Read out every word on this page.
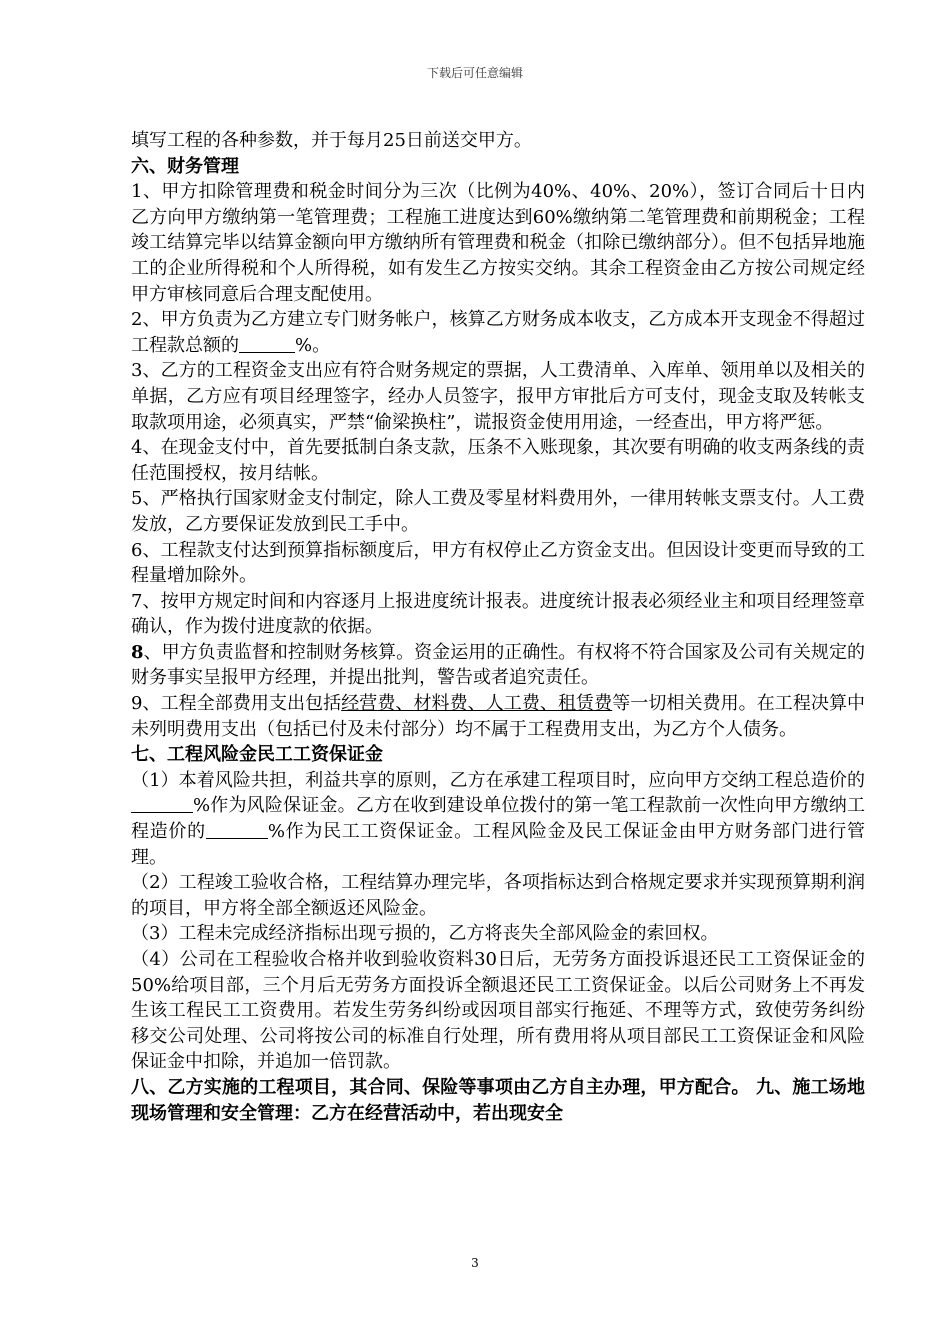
下载后可任意编辑

填写工程的各种参数，并于每月25日前送交甲方。

六、财务管理

1、甲方扣除管理费和税金时间分为三次（比例为40%、40%、20%），签订合同后十日内乙方向甲方缴纳第一笔管理费；工程施工进度达到60%缴纳第二笔管理费和前期税金；工程竣工结算完毕以结算金额向甲方缴纳所有管理费和税金（扣除已缴纳部分）。但不包括异地施工的企业所得税和个人所得税，如有发生乙方按实交纳。其余工程资金由乙方按公司规定经甲方审核同意后合理支配使用。

2、甲方负责为乙方建立专门财务帐户，核算乙方财务成本收支，乙方成本开支现金不得超过工程款总额的	%。

3、乙方的工程资金支出应有符合财务规定的票据，人工费清单、入库单、领用单以及相关的单据，乙方应有项目经理签字，经办人员签字，报甲方审批后方可支付，现金支取及转帐支取款项用途，必须真实，严禁“偷梁换柱”，谎报资金使用用途，一经查出，甲方将严惩。

4、在现金支付中，首先要抵制白条支款，压条不入账现象，其次要有明确的收支两条线的责任范围授权，按月结帐。

5、严格执行国家财金支付制定，除人工费及零星材料费用外，一律用转帐支票支付。人工费发放，乙方要保证发放到民工手中。

6、工程款支付达到预算指标额度后，甲方有权停止乙方资金支出。但因设计变更而导致的工程量增加除外。

7、按甲方规定时间和内容逐月上报进度统计报表。进度统计报表必须经业主和项目经理签章确认，作为拨付进度款的依据。

8、甲方负责监督和控制财务核算。资金运用的正确性。有权将不符合国家及公司有关规定的财务事实呈报甲方经理，并提出批判，警告或者追究责任。

9、工程全部费用支出包括经营费、材料费、人工费、租赁费等一切相关费用。在工程决算中未列明费用支出（包括已付及未付部分）均不属于工程费用支出，为乙方个人债务。

七、工程风险金民工工资保证金

（1）本着风险共担，利益共享的原则，乙方在承建工程项目时，应向甲方交纳工程总造价的%作为风险保证金。乙方在收到建设单位拨付的第一笔工程款前一次性向甲方缴纳工程造价的	%作为民工工资保证金。工程风险金及民工保证金由甲方财务部门进行管理。

（2）工程竣工验收合格，工程结算办理完毕，各项指标达到合格规定要求并实现预算期利润的项目，甲方将全部全额返还风险金。

（3）工程未完成经济指标出现亏损的，乙方将丧失全部风险金的索回权。

（4）公司在工程验收合格并收到验收资料30日后，无劳务方面投诉退还民工工资保证金的50%给项目部，三个月后无劳务方面投诉全额退还民工工资保证金。以后公司财务上不再发生该工程民工工资费用。若发生劳务纠纷或因项目部实行拖延、不理等方式，致使劳务纠纷移交公司处理、公司将按公司的标准自行处理，所有费用将从项目部民工工资保证金和风险保证金中扣除，并追加一倍罚款。

八、乙方实施的工程项目，其合同、保险等事项由乙方自主办理，甲方配合。 九、施工场地现场管理和安全管理：乙方在经营活动中，若出现安全

3
